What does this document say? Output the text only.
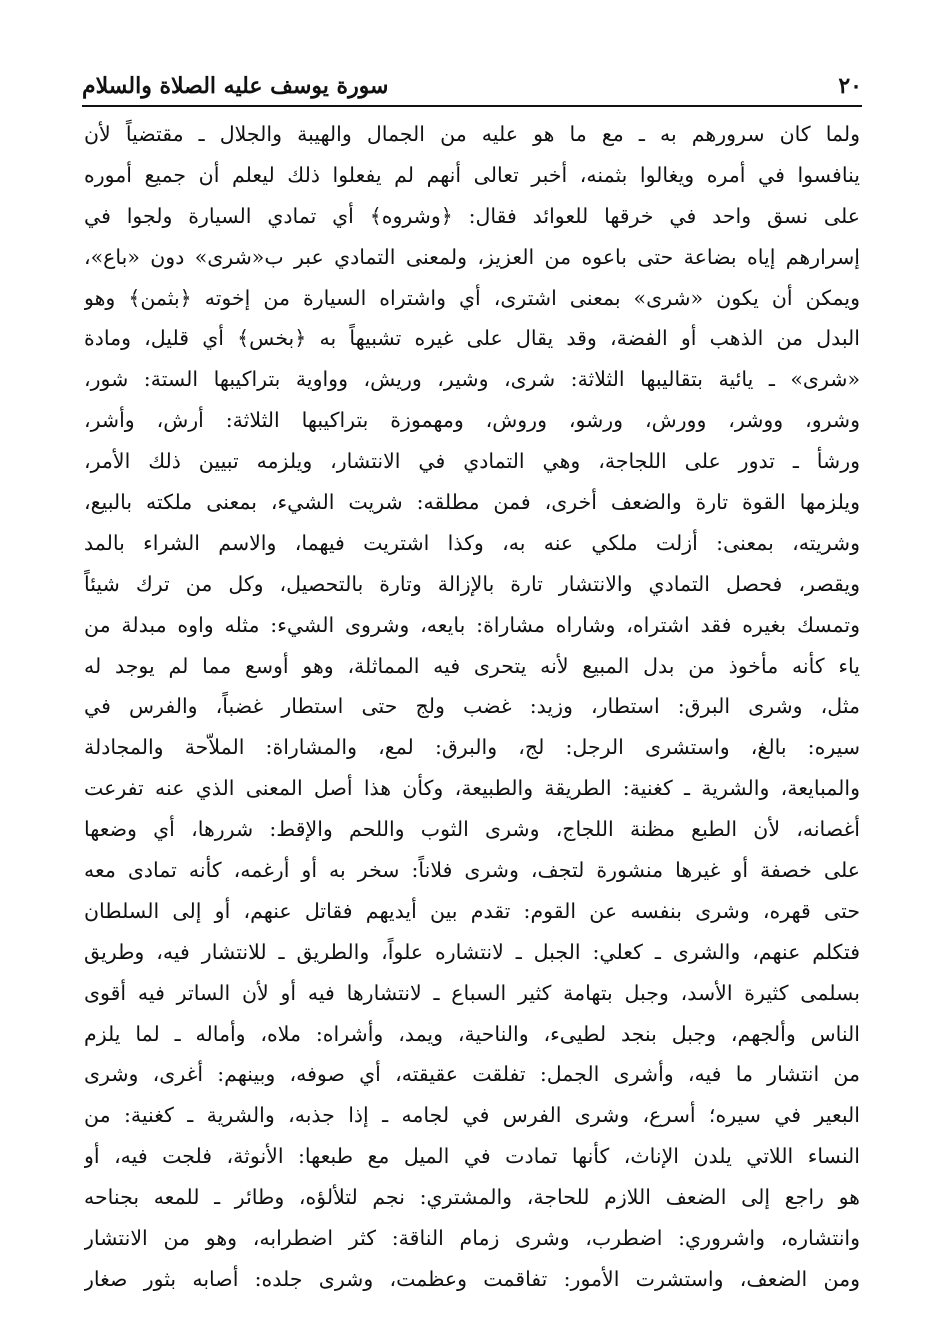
٢٠
سورة يوسف عليه الصلاة والسلام
ولما كان سرورهم به ـ مع ما هو عليه من الجمال والهيبة والجلال ـ مقتضياً لأن
ينافسوا في أمره ويغالوا بثمنه، أخبر تعالى أنهم لم يفعلوا ذلك ليعلم أن جميع أموره
على نسق واحد في خرقها للعوائد فقال: ﴿وشروه﴾ أي تمادي السيارة ولجوا في
إسرارهم إياه بضاعة حتى باعوه من العزيز، ولمعنى التمادي عبر ب«شرى» دون «باع»،
ويمكن أن يكون «شرى» بمعنى اشترى، أي واشتراه السيارة من إخوته ﴿بثمن﴾ وهو
البدل من الذهب أو الفضة، وقد يقال على غيره تشبيهاً به ﴿بخس﴾ أي قليل، ومادة
«شرى» ـ يائية بتقاليبها الثلاثة: شرى، وشير، وريش، وواوية بتراكيبها الستة: شور،
وشرو، ووشر، وورش، ورشو، وروش، ومهموزة بتراكيبها الثلاثة: أرش، وأشر،
ورشأ ـ تدور على اللجاجة، وهي التمادي في الانتشار، ويلزمه تبيين ذلك الأمر،
ويلزمها القوة تارة والضعف أخرى، فمن مطلقه: شريت الشيء، بمعنى ملكته بالبيع،
وشريته، بمعنى: أزلت ملكي عنه به، وكذا اشتريت فيهما، والاسم الشراء بالمد
ويقصر، فحصل التمادي والانتشار تارة بالإزالة وتارة بالتحصيل، وكل من ترك شيئاً
وتمسك بغيره فقد اشتراه، وشاراه مشاراة: بايعه، وشروى الشيء: مثله واوه مبدلة من
ياء كأنه مأخوذ من بدل المبيع لأنه يتحرى فيه المماثلة، وهو أوسع مما لم يوجد له
مثل، وشرى البرق: استطار، وزيد: غضب ولج حتى استطار غضباً، والفرس في
سيره: بالغ، واستشرى الرجل: لج، والبرق: لمع، والمشاراة: الملاّحة والمجادلة
والمبايعة، والشرية ـ كغنية: الطريقة والطبيعة، وكأن هذا أصل المعنى الذي عنه تفرعت
أغصانه، لأن الطبع مظنة اللجاج، وشرى الثوب واللحم والإقط: شررها، أي وضعها
على خصفة أو غيرها منشورة لتجف، وشرى فلاناً: سخر به أو أرغمه، كأنه تمادى معه
حتى قهره، وشرى بنفسه عن القوم: تقدم بين أيديهم فقاتل عنهم، أو إلى السلطان
فتكلم عنهم، والشرى ـ كعلي: الجبل ـ لانتشاره علواً، والطريق ـ للانتشار فيه، وطريق
بسلمى كثيرة الأسد، وجبل بتهامة كثير السباع ـ لانتشارها فيه أو لأن الساتر فيه أقوى
الناس وألجهم، وجبل بنجد لطيىء، والناحية، ويمد، وأشراه: ملاه، وأماله ـ لما يلزم
من انتشار ما فيه، وأشرى الجمل: تفلقت عقيقته، أي صوفه، وبينهم: أغرى، وشرى
البعير في سيره؛ أسرع، وشرى الفرس في لجامه ـ إذا جذبه، والشرية ـ كغنية: من
النساء اللاتي يلدن الإناث، كأنها تمادت في الميل مع طبعها: الأنوثة، فلجت فيه، أو
هو راجع إلى الضعف اللازم للحاجة، والمشتري: نجم لتلألؤه، وطائر ـ للمعه بجناحه
وانتشاره، واشروري: اضطرب، وشرى زمام الناقة: كثر اضطرابه، وهو من الانتشار
ومن الضعف، واستشرت الأمور: تفاقمت وعظمت، وشرى جلده: أصابه بثور صغار
